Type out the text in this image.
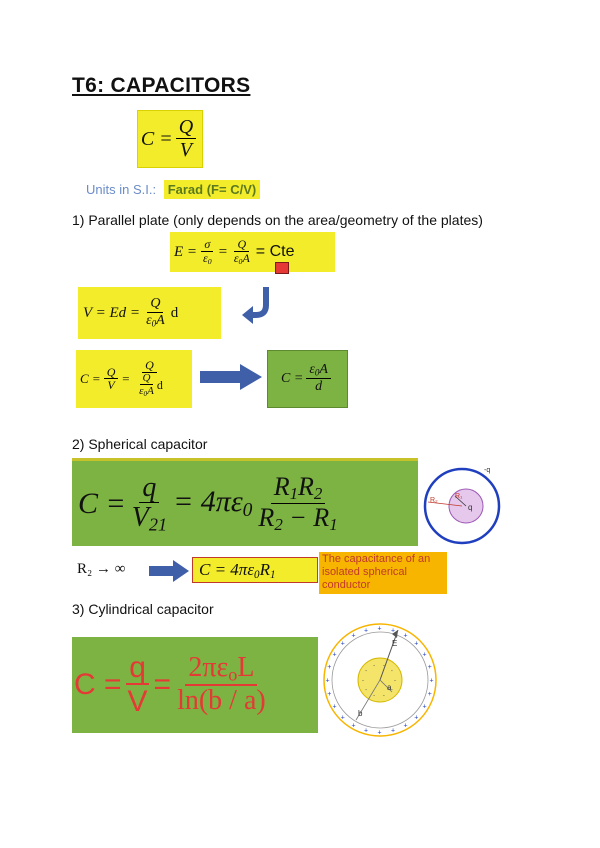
T6: CAPACITORS
$C = \frac{Q}{V}$
Units in S.I.: Farad (F= C/V)
1) Parallel plate (only depends on the area/geometry of the plates)
$E = \frac{\sigma}{\varepsilon_0} = \frac{Q}{\varepsilon_0A}$ = Cte
$V = Ed = \frac{Q}{\varepsilon_0A}$ d
$C = \frac{Q}{V} = \frac{Q}{\frac{Q}{\varepsilon_0A} d}$	$C = \frac{\varepsilon_0A}{d}$
2) Spherical capacitor
$C = \frac{q}{V_{21}} = 4\pi\varepsilon_0 \frac{R_1R_2}{R_2 - R_1}$	R₂
R₁
q
-q
R₂ → ∞	$C = 4\pi\varepsilon_0R_1$
The capacitance of an isolated spherical conductor
3) Cylindrical capacitor
$C = \frac{q}{V} = \frac{2\pi\varepsilon_oL}{\ln(b / a)}$
E
a
b
+
+
+
+
+
+
+
+
+
+
+
+
+
+
+
+
+
+ + +
+
+
+
+
-
-
-
-
-
-
-
- -
-
